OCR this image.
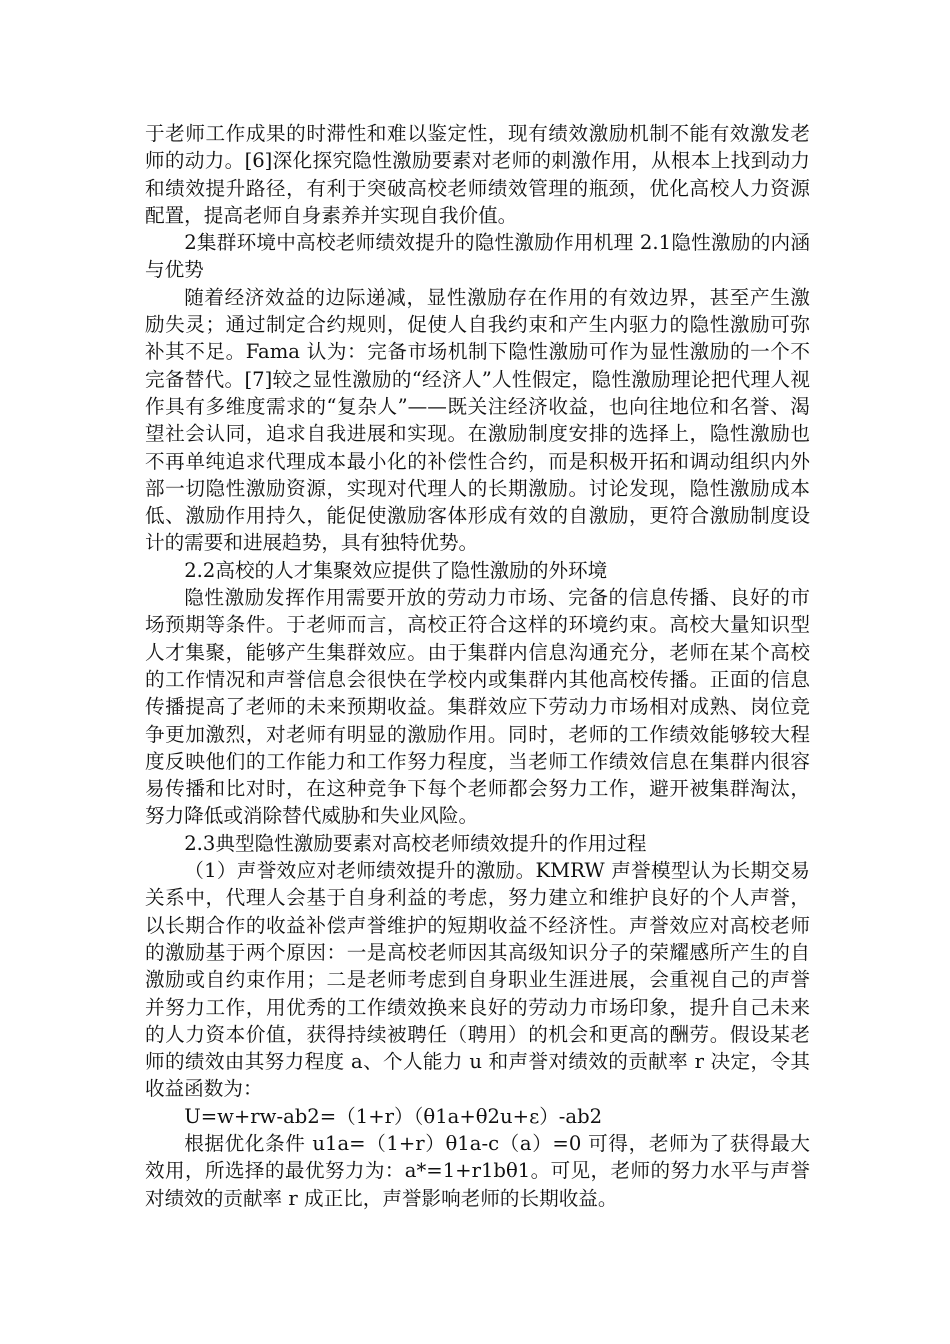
于老师工作成果的时滞性和难以鉴定性，现有绩效激励机制不能有效激发老师的动力。[6]深化探究隐性激励要素对老师的刺激作用，从根本上找到动力和绩效提升路径，有利于突破高校老师绩效管理的瓶颈，优化高校人力资源配置，提高老师自身素养并实现自我价值。

2集群环境中高校老师绩效提升的隐性激励作用机理 2.1隐性激励的内涵与优势

随着经济效益的边际递减，显性激励存在作用的有效边界，甚至产生激励失灵；通过制定合约规则，促使人自我约束和产生内驱力的隐性激励可弥补其不足。Fama 认为：完备市场机制下隐性激励可作为显性激励的一个不完备替代。[7]较之显性激励的“经济人”人性假定，隐性激励理论把代理人视作具有多维度需求的“复杂人”——既关注经济收益，也向往地位和名誉、渴望社会认同，追求自我进展和实现。在激励制度安排的选择上，隐性激励也不再单纯追求代理成本最小化的补偿性合约，而是积极开拓和调动组织内外部一切隐性激励资源，实现对代理人的长期激励。讨论发现，隐性激励成本低、激励作用持久，能促使激励客体形成有效的自激励，更符合激励制度设计的需要和进展趋势，具有独特优势。

2.2高校的人才集聚效应提供了隐性激励的外环境

隐性激励发挥作用需要开放的劳动力市场、完备的信息传播、良好的市场预期等条件。于老师而言，高校正符合这样的环境约束。高校大量知识型人才集聚，能够产生集群效应。由于集群内信息沟通充分，老师在某个高校的工作情况和声誉信息会很快在学校内或集群内其他高校传播。正面的信息传播提高了老师的未来预期收益。集群效应下劳动力市场相对成熟、岗位竞争更加激烈，对老师有明显的激励作用。同时，老师的工作绩效能够较大程度反映他们的工作能力和工作努力程度，当老师工作绩效信息在集群内很容易传播和比对时，在这种竞争下每个老师都会努力工作，避开被集群淘汰，努力降低或消除替代威胁和失业风险。

2.3典型隐性激励要素对高校老师绩效提升的作用过程

（1）声誉效应对老师绩效提升的激励。KMRW 声誉模型认为长期交易关系中，代理人会基于自身利益的考虑，努力建立和维护良好的个人声誉，以长期合作的收益补偿声誉维护的短期收益不经济性。声誉效应对高校老师的激励基于两个原因：一是高校老师因其高级知识分子的荣耀感所产生的自激励或自约束作用；二是老师考虑到自身职业生涯进展，会重视自己的声誉并努力工作，用优秀的工作绩效换来良好的劳动力市场印象，提升自己未来的人力资本价值，获得持续被聘任（聘用）的机会和更高的酬劳。假设某老师的绩效由其努力程度 a、个人能力 u 和声誉对绩效的贡献率 r 决定，令其收益函数为：

U=w+rw-ab2=（1+r）（θ1a+θ2u+ε）-ab2

根据优化条件 u1a=（1+r）θ1a-c（a）=0 可得，老师为了获得最大效用，所选择的最优努力为：a*=1+r1bθ1。可见，老师的努力水平与声誉对绩效的贡献率 r 成正比，声誉影响老师的长期收益。
